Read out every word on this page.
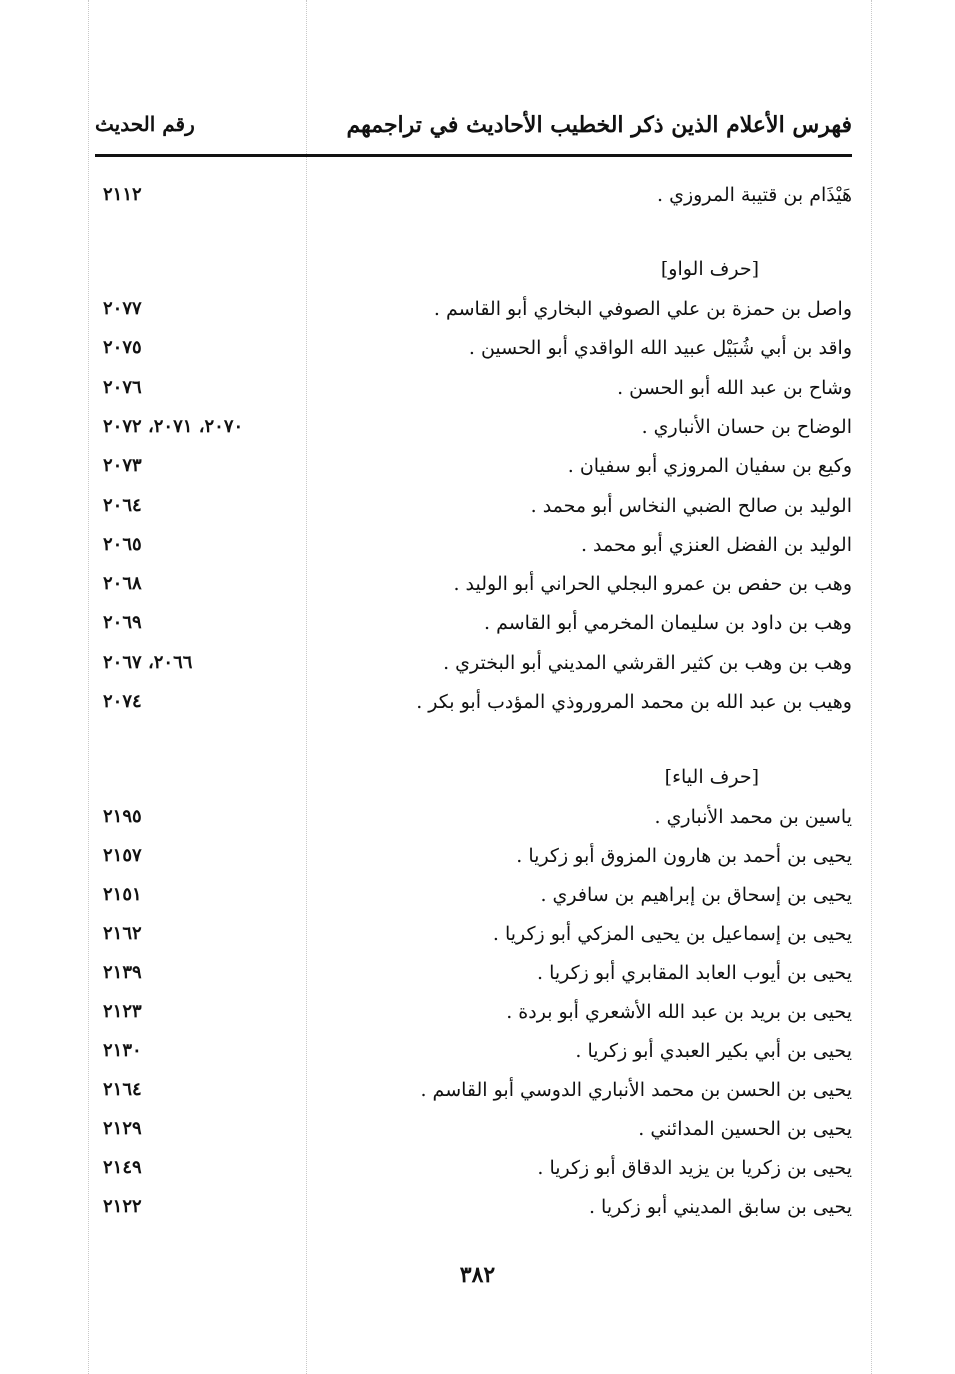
فهرس الأعلام الذين ذكر الخطيب الأحاديث في تراجمهم
رقم الحديث
هَيْذَام بن قتيبة المروزي .
٢١١٢
[حرف الواو]
واصل بن حمزة بن علي الصوفي البخاري أبو القاسم .
٢٠٧٧
واقد بن أبي شُبَيْل عبيد الله الواقدي أبو الحسين .
٢٠٧٥
وشاح بن عبد الله أبو الحسن .
٢٠٧٦
الوضاح بن حسان الأنباري .
٢٠٧٠، ٢٠٧١، ٢٠٧٢
وكيع بن سفيان المروزي أبو سفيان .
٢٠٧٣
الوليد بن صالح الضبي النخاس أبو محمد .
٢٠٦٤
الوليد بن الفضل العنزي أبو محمد .
٢٠٦٥
وهب بن حفص بن عمرو البجلي الحراني أبو الوليد .
٢٠٦٨
وهب بن داود بن سليمان المخرمي أبو القاسم .
٢٠٦٩
وهب بن وهب بن كثير القرشي المديني أبو البختري .
٢٠٦٦، ٢٠٦٧
وهيب بن عبد الله بن محمد المروروذي المؤدب أبو بكر .
٢٠٧٤
[حرف الياء]
ياسين بن محمد الأنباري .
٢١٩٥
يحيى بن أحمد بن هارون المزوق أبو زكريا .
٢١٥٧
يحيى بن إسحاق بن إبراهيم بن سافري .
٢١٥١
يحيى بن إسماعيل بن يحيى المزكي أبو زكريا .
٢١٦٢
يحيى بن أيوب العابد المقابري أبو زكريا .
٢١٣٩
يحيى بن بريد بن عبد الله الأشعري أبو بردة .
٢١٢٣
يحيى بن أبي بكير العبدي أبو زكريا .
٢١٣٠
يحيى بن الحسن بن محمد الأنباري الدوسي أبو القاسم .
٢١٦٤
يحيى بن الحسين المدائني .
٢١٢٩
يحيى بن زكريا بن يزيد الدقاق أبو زكريا .
٢١٤٩
يحيى بن سابق المديني أبو زكريا .
٢١٢٢
٣٨٢
